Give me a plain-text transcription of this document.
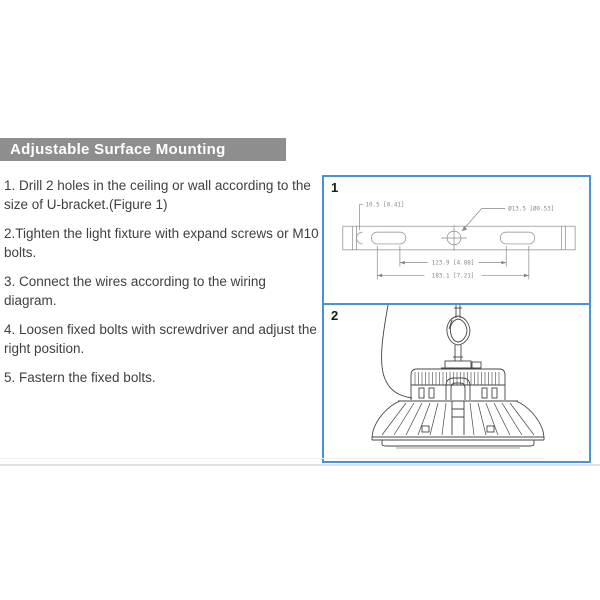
Adjustable Surface Mounting

1. Drill 2 holes in the ceiling or wall according to the size of U-bracket.(Figure 1)

2.Tighten the light fixture with expand screws or M10 bolts.

3. Connect the wires according to the wiring diagram.

4. Loosen fixed bolts with screwdriver and adjust the right position.

5. Fastern the fixed bolts.

1
10.5 [0.41]
Ø13.5 [Ø0.53]
123.9 [4.88]
183.1 [7.21]
2
